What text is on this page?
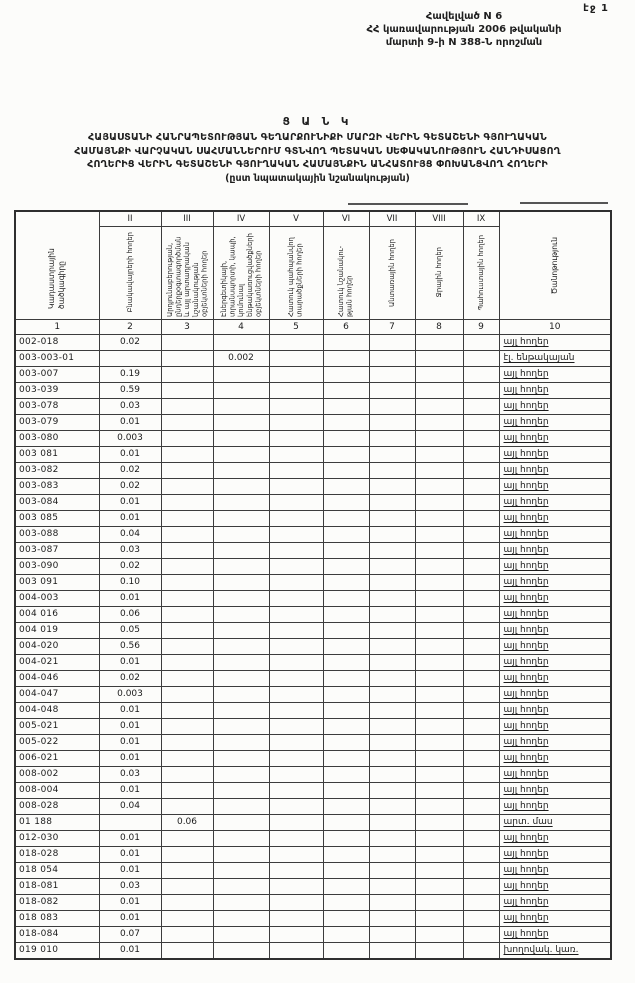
էջ 1
Հավելված N 6
ՀՀ կառավարության 2006 թվականի
մարտի 9-ի N 388-Ն որոշման
Ց Ա Ն Կ
ՀԱՅԱՍՏԱՆԻ ՀԱՆՐԱՊԵՏՈՒԹՅԱՆ ԳԵՂԱՐՔՈՒՆԻՔԻ ՄԱՐԶԻ ՎԵՐԻՆ ԳԵՏԱՇԵՆԻ ԳՅՈՒՂԱԿԱՆ
ՀԱՄԱՅՆՔԻ ՎԱՐՉԱԿԱՆ ՍԱՀՄԱՆՆԵՐՈՒՄ ԳՏՆՎՈՂ ՊԵՏԱԿԱՆ ՍԵՓԱԿԱՆՈՒԹՅՈՒՆ ՀԱՆԴԻՍԱՑՈՂ
ՀՈՂԵՐԻՑ ՎԵՐԻՆ ԳԵՏԱՇԵՆԻ ԳՅՈՒՂԱԿԱՆ ՀԱՄԱՅՆՔԻՆ ԱՆՀԱՏՈՒՅՑ ՓՈԽԱՆՑՎՈՂ ՀՈՂԵՐԻ
(ըստ նպատակային նշանակության)
Կադաստրային ծածկագիրը	II	III	IV	V	VI	VII	VIII	IX	Ծանոթություն

	Բնակավայրերի հողեր	Արդյունաբերության, ընդերքօգտագործման և այլ արտադրական նշանակության օբյեկտների հողեր	Էներգետիկայի, տրանսպորտի, կապի, կոմունալ ենթակառուցվածքների օբյեկտների հողեր	Հատուկ պահպանվող տարածքների հողեր	Հատուկ նշանակու- թյան հողեր	Անտառային հողեր	Ջրային հողեր	Պահուստային հողեր	

1	2	3	4	5	6	7	8	9	10
002-018	0.02								այլ հողեր
003-003-01			0.002						էլ. ենթակայան
003-007	0.19								այլ հողեր
003-039	0.59								այլ հողեր
003-078	0.03								այլ հողեր
003-079	0.01								այլ հողեր
003-080	0.003								այլ հողեր
003 081	0.01								այլ հողեր
003-082	0.02								այլ հողեր
003-083	0.02								այլ հողեր
003-084	0.01								այլ հողեր
003 085	0.01								այլ հողեր
003-088	0.04								այլ հողեր
003-087	0.03								այլ հողեր
003-090	0.02								այլ հողեր
003 091	0.10								այլ հողեր
004-003	0.01								այլ հողեր
004 016	0.06								այլ հողեր
004 019	0.05								այլ հողեր
004-020	0.56								այլ հողեր
004-021	0.01								այլ հողեր
004-046	0.02								այլ հողեր
004-047	0.003								այլ հողեր
004-048	0.01								այլ հողեր
005-021	0.01								այլ հողեր
005-022	0.01								այլ հողեր
006-021	0.01								այլ հողեր
008-002	0.03								այլ հողեր
008-004	0.01								այլ հողեր
008-028	0.04								այլ հողեր
01 188		0.06							արտ. մաս
012-030	0.01								այլ հողեր
018-028	0.01								այլ հողեր
018 054	0.01								այլ հողեր
018-081	0.03								այլ հողեր
018-082	0.01								այլ հողեր
018 083	0.01								այլ հողեր
018-084	0.07								այլ հողեր
019 010	0.01								խողովակ. կառ.
